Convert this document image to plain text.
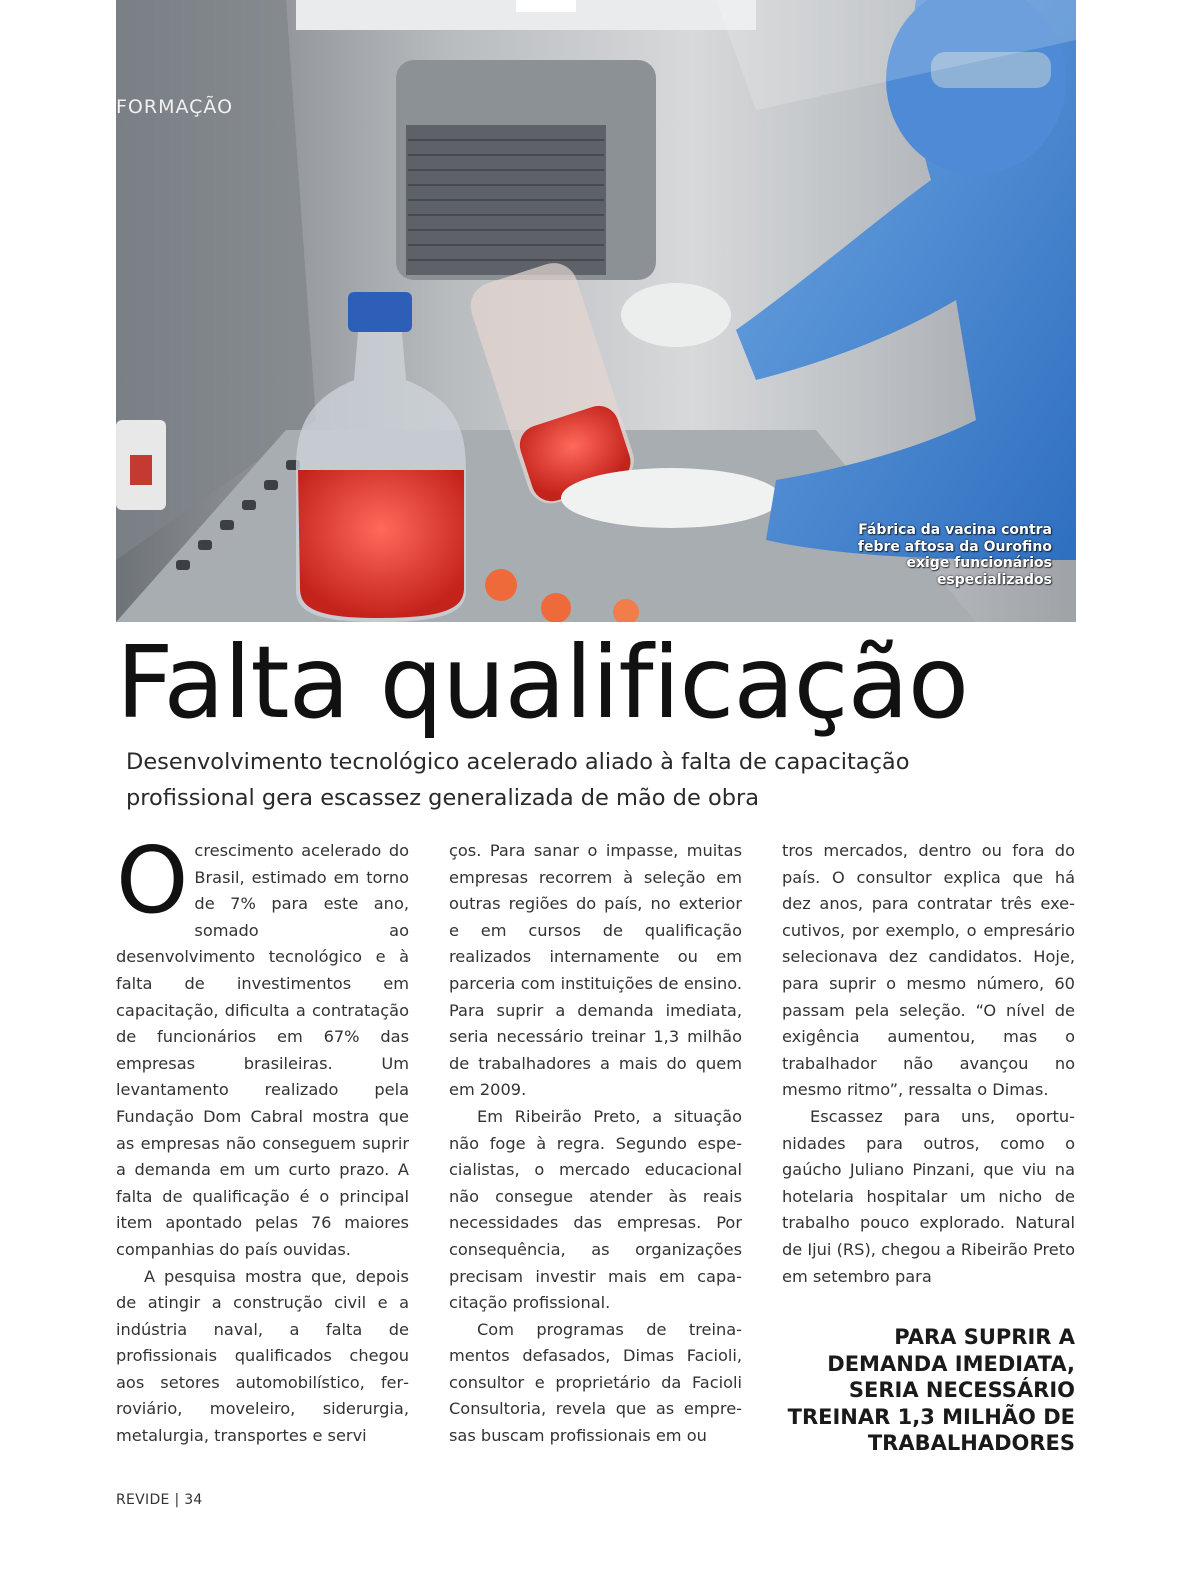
FORMAÇÃO
Fábrica da vacina contra febre aftosa da Ourofino exige funcionários especializados
Falta qualificação
Desenvolvimento tecnológico acelerado aliado à falta de capacitação profissional gera escassez generalizada de mão de obra

O crescimento acelerado do Brasil, estimado em torno de 7% para este ano, somado ao desenvolvimento tecnológico e à falta de investimentos em capacitação, dificulta a contratação de funcionários em 67% das empresas brasileiras. Um levantamento realizado pela Fundação Dom Cabral mostra que as empresas não conseguem suprir a demanda em um curto prazo. A falta de qualificação é o principal item apontado pelas 76 maiores companhias do país ouvidas.

A pesquisa mostra que, depois de atingir a construção civil e a indústria naval, a falta de profissionais qualificados chegou aos setores automobilístico, ferroviário, moveleiro, siderurgia, metalurgia, transportes e servi

ços. Para sanar o impasse, muitas empresas recorrem à seleção em outras regiões do país, no exterior e em cursos de qualificação realizados internamente ou em parceria com instituições de ensino. Para suprir a demanda imediata, seria necessário treinar 1,3 milhão de trabalhadores a mais do quem em 2009.

Em Ribeirão Preto, a situação não foge à regra. Segundo especialistas, o mercado educacional não consegue atender às reais necessidades das empresas. Por consequência, as organizações precisam investir mais em capacitação profissional.

Com programas de treinamentos defasados, Dimas Facioli, consultor e proprietário da Facioli Consultoria, revela que as empresas buscam profissionais em ou

tros mercados, dentro ou fora do país. O consultor explica que há dez anos, para contratar três executivos, por exemplo, o empresário selecionava dez candidatos. Hoje, para suprir o mesmo número, 60 passam pela seleção. “O nível de exigência aumentou, mas o trabalhador não avançou no mesmo ritmo”, ressalta o Dimas.

Escassez para uns, oportunidades para outros, como o gaúcho Juliano Pinzani, que viu na hotelaria hospitalar um nicho de trabalho pouco explorado. Natural de Ijui (RS), chegou a Ribeirão Preto em setembro para

PARA SUPRIR A DEMANDA IMEDIATA, SERIA NECESSÁRIO TREINAR 1,3 MILHÃO DE TRABALHADORES
REVIDE | 34
